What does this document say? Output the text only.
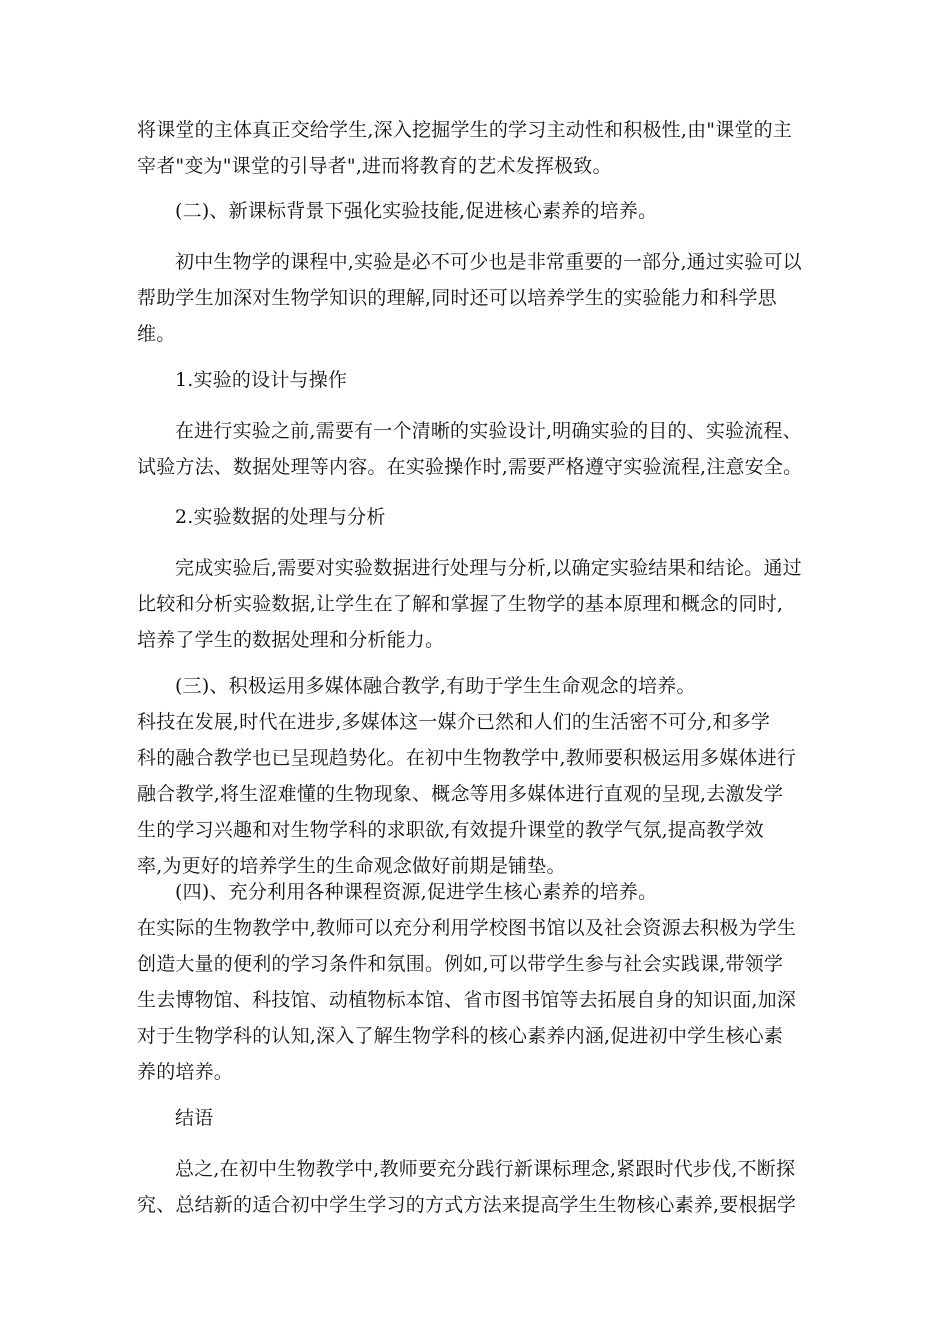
将课堂的主体真正交给学生,深入挖掘学生的学习主动性和积极性,由"课堂的主
宰者"变为"课堂的引导者",进而将教育的艺术发挥极致。
(二)、新课标背景下强化实验技能,促进核心素养的培养。
初中生物学的课程中,实验是必不可少也是非常重要的一部分,通过实验可以
帮助学生加深对生物学知识的理解,同时还可以培养学生的实验能力和科学思
维。
1.实验的设计与操作
在进行实验之前,需要有一个清晰的实验设计,明确实验的目的、实验流程、
试验方法、数据处理等内容。在实验操作时,需要严格遵守实验流程,注意安全。
2.实验数据的处理与分析
完成实验后,需要对实验数据进行处理与分析,以确定实验结果和结论。通过
比较和分析实验数据,让学生在了解和掌握了生物学的基本原理和概念的同时,
培养了学生的数据处理和分析能力。
(三)、积极运用多媒体融合教学,有助于学生生命观念的培养。
科技在发展,时代在进步,多媒体这一媒介已然和人们的生活密不可分,和多学
科的融合教学也已呈现趋势化。在初中生物教学中,教师要积极运用多媒体进行
融合教学,将生涩难懂的生物现象、概念等用多媒体进行直观的呈现,去激发学
生的学习兴趣和对生物学科的求职欲,有效提升课堂的教学气氛,提高教学效
率,为更好的培养学生的生命观念做好前期是铺垫。
(四)、充分利用各种课程资源,促进学生核心素养的培养。
在实际的生物教学中,教师可以充分利用学校图书馆以及社会资源去积极为学生
创造大量的便利的学习条件和氛围。例如,可以带学生参与社会实践课,带领学
生去博物馆、科技馆、动植物标本馆、省市图书馆等去拓展自身的知识面,加深
对于生物学科的认知,深入了解生物学科的核心素养内涵,促进初中学生核心素
养的培养。
结语
总之,在初中生物教学中,教师要充分践行新课标理念,紧跟时代步伐,不断探
究、总结新的适合初中学生学习的方式方法来提高学生生物核心素养,要根据学
